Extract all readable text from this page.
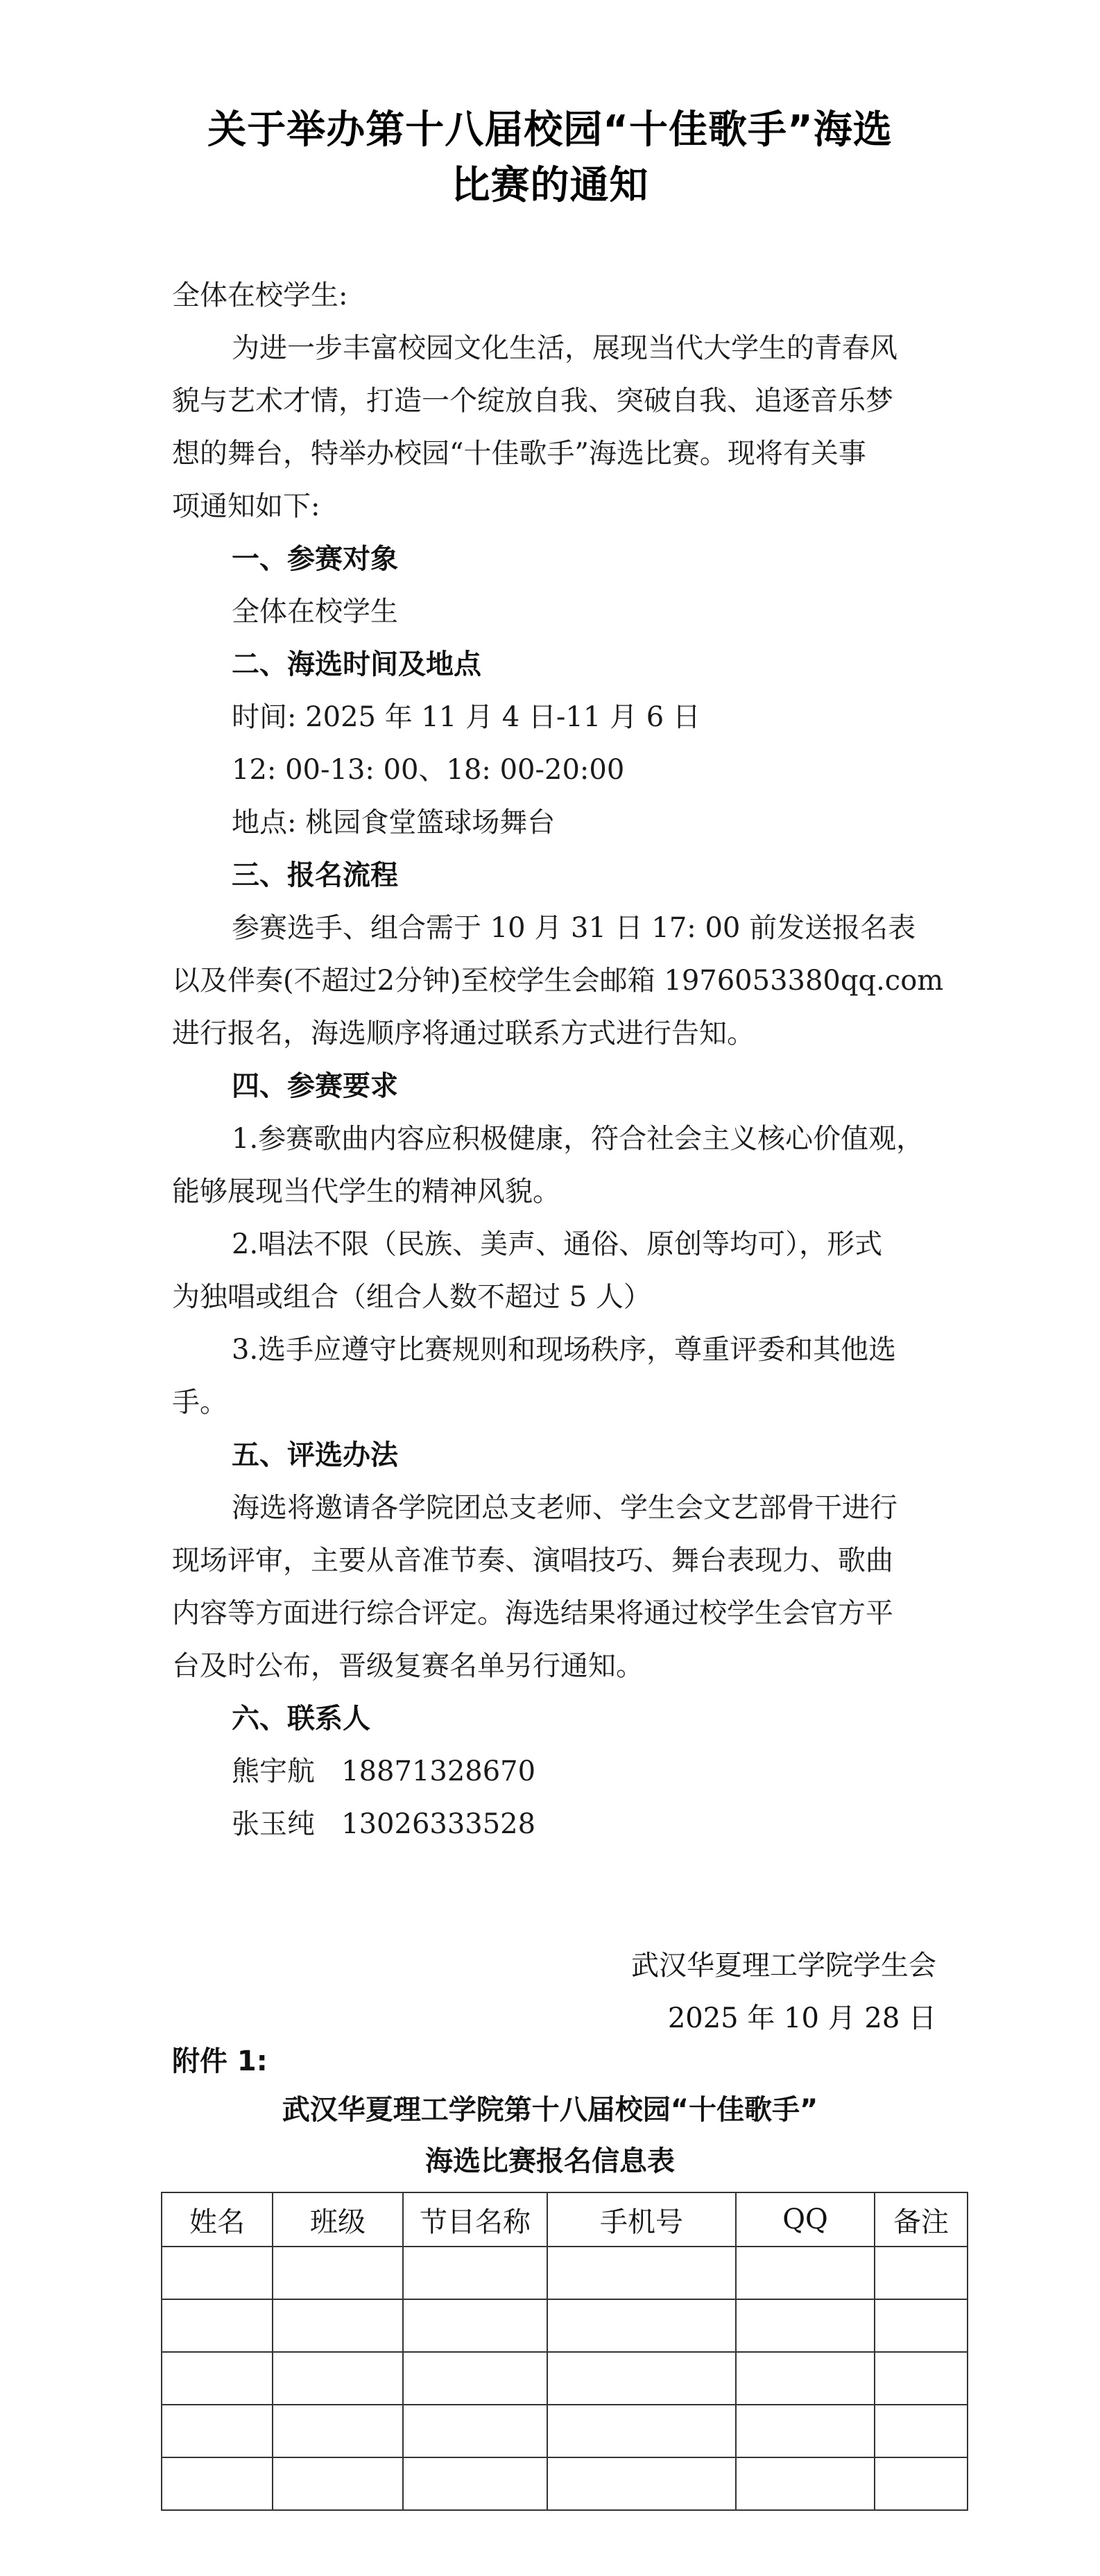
关于举办第十八届校园“十佳歌手”海选
比赛的通知
全体在校学生:
为进一步丰富校园文化生活，展现当代大学生的青春风
貌与艺术才情，打造一个绽放自我、突破自我、追逐音乐梦
想的舞台，特举办校园“十佳歌手”海选比赛。现将有关事
项通知如下:
一、参赛对象
全体在校学生
二、海选时间及地点
时间: 2025 年 11 月 4 日-11 月 6 日
12: 00-13: 00、18: 00-20:00
地点: 桃园食堂篮球场舞台
三、报名流程
参赛选手、组合需于 10 月 31 日 17: 00 前发送报名表
以及伴奏(不超过2分钟)至校学生会邮箱 1976053380qq.com
进行报名，海选顺序将通过联系方式进行告知。
四、参赛要求
1.参赛歌曲内容应积极健康，符合社会主义核心价值观，
能够展现当代学生的精神风貌。
2.唱法不限（民族、美声、通俗、原创等均可），形式
为独唱或组合（组合人数不超过 5 人）
3.选手应遵守比赛规则和现场秩序，尊重评委和其他选
手。
五、评选办法
海选将邀请各学院团总支老师、学生会文艺部骨干进行
现场评审，主要从音准节奏、演唱技巧、舞台表现力、歌曲
内容等方面进行综合评定。海选结果将通过校学生会官方平
台及时公布，晋级复赛名单另行通知。
六、联系人
熊宇航   18871328670
张玉纯   13026333528
武汉华夏理工学院学生会
2025 年 10 月 28 日
附件 1:
武汉华夏理工学院第十八届校园“十佳歌手”
海选比赛报名信息表
姓名	班级	节目名称	手机号	QQ	备注
